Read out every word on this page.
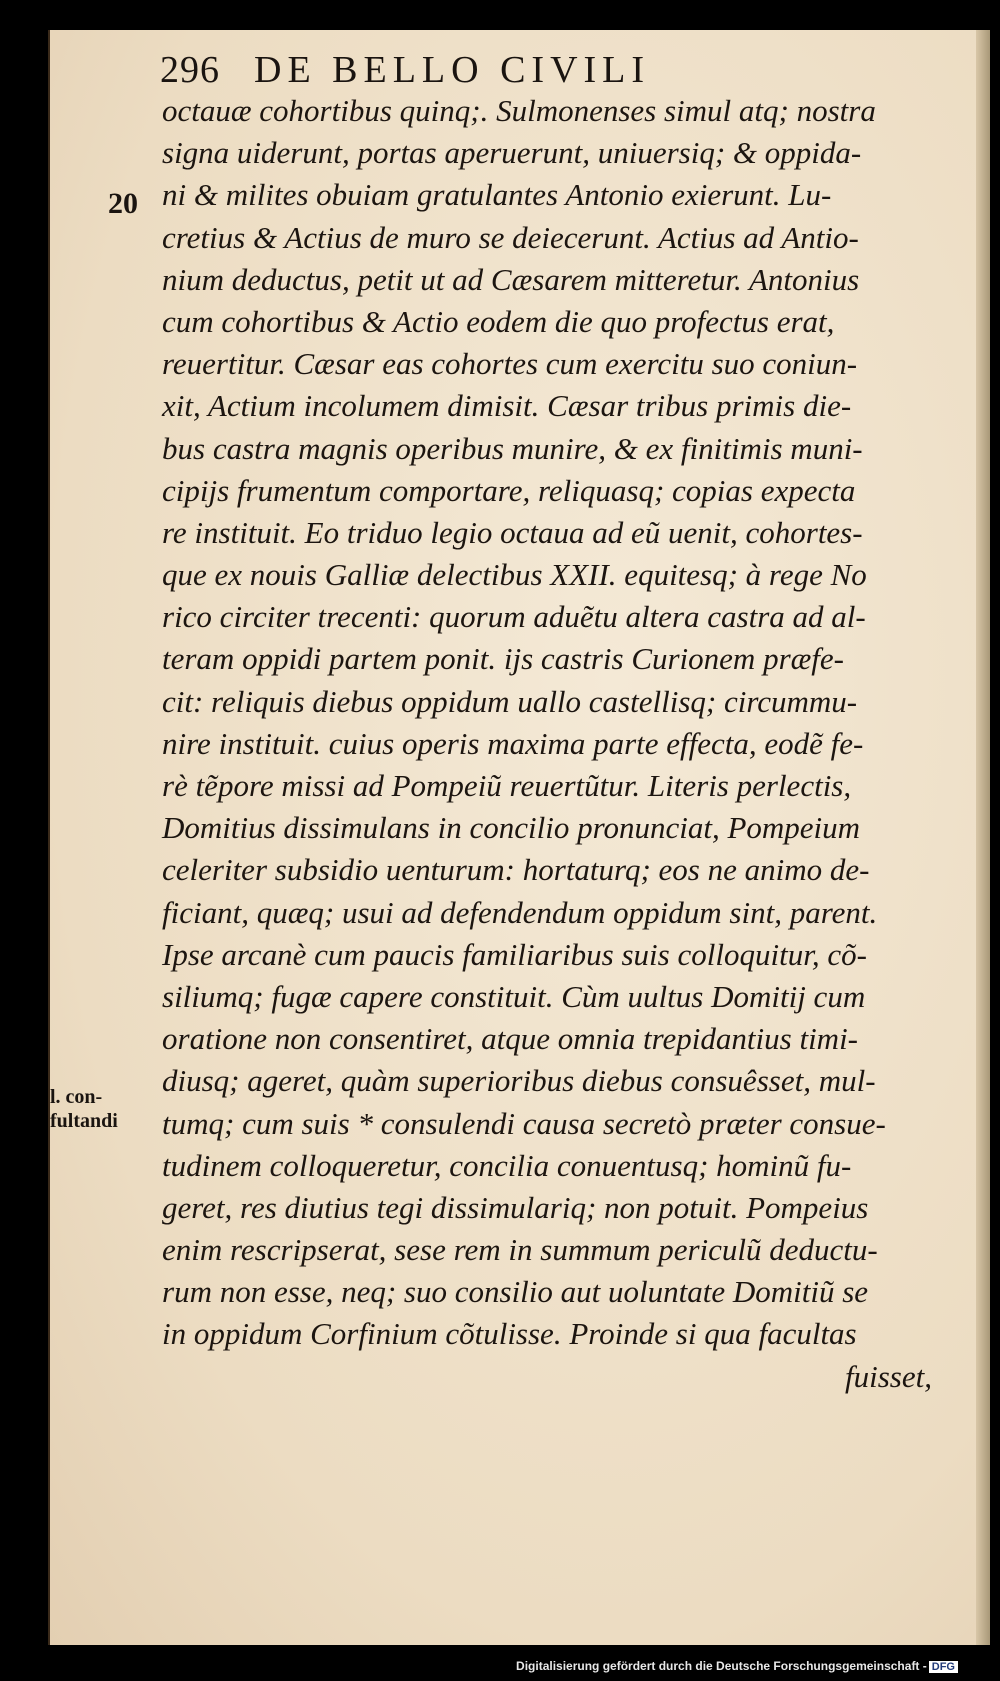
296 DE BELLO CIVILI
20
l. con-
fultandi
octauæ cohortibus quinq;. Sulmonenses simul atq; nostra
signa uiderunt, portas aperuerunt, uniuersiq; & oppida-
ni & milites obuiam gratulantes Antonio exierunt. Lu-
cretius & Actius de muro se deiecerunt. Actius ad Antio-
nium deductus, petit ut ad Cæsarem mitteretur. Antonius
cum cohortibus & Actio eodem die quo profectus erat,
reuertitur. Cæsar eas cohortes cum exercitu suo coniun-
xit, Actium incolumem dimisit. Cæsar tribus primis die-
bus castra magnis operibus munire, & ex finitimis muni-
cipijs frumentum comportare, reliquasq; copias expecta
re instituit. Eo triduo legio octaua ad eũ uenit, cohortes-
que ex nouis Galliæ delectibus XXII. equitesq; à rege No
rico circiter trecenti: quorum aduẽtu altera castra ad al-
teram oppidi partem ponit. ijs castris Curionem præfe-
cit: reliquis diebus oppidum uallo castellisq; circummu-
nire instituit. cuius operis maxima parte effecta, eodẽ fe-
rè tẽpore missi ad Pompeiũ reuertũtur. Literis perlectis,
Domitius dissimulans in concilio pronunciat, Pompeium
celeriter subsidio uenturum: hortaturq; eos ne animo de-
ficiant, quæq; usui ad defendendum oppidum sint, parent.
Ipse arcanè cum paucis familiaribus suis colloquitur, cõ-
siliumq; fugæ capere constituit. Cùm uultus Domitij cum
oratione non consentiret, atque omnia trepidantius timi-
diusq; ageret, quàm superioribus diebus consuêsset, mul-
tumq; cum suis * consulendi causa secretò præter consue-
tudinem colloqueretur, concilia conuentusq; hominũ fu-
geret, res diutius tegi dissimulariq; non potuit. Pompeius
enim rescripserat, sese rem in summum periculũ deductu-
rum non esse, neq; suo consilio aut uoluntate Domitiũ se
in oppidum Corfinium cõtulisse. Proinde si qua facultas
fuisset,
Digitalisierung gefördert durch die Deutsche Forschungsgemeinschaft - DFG
